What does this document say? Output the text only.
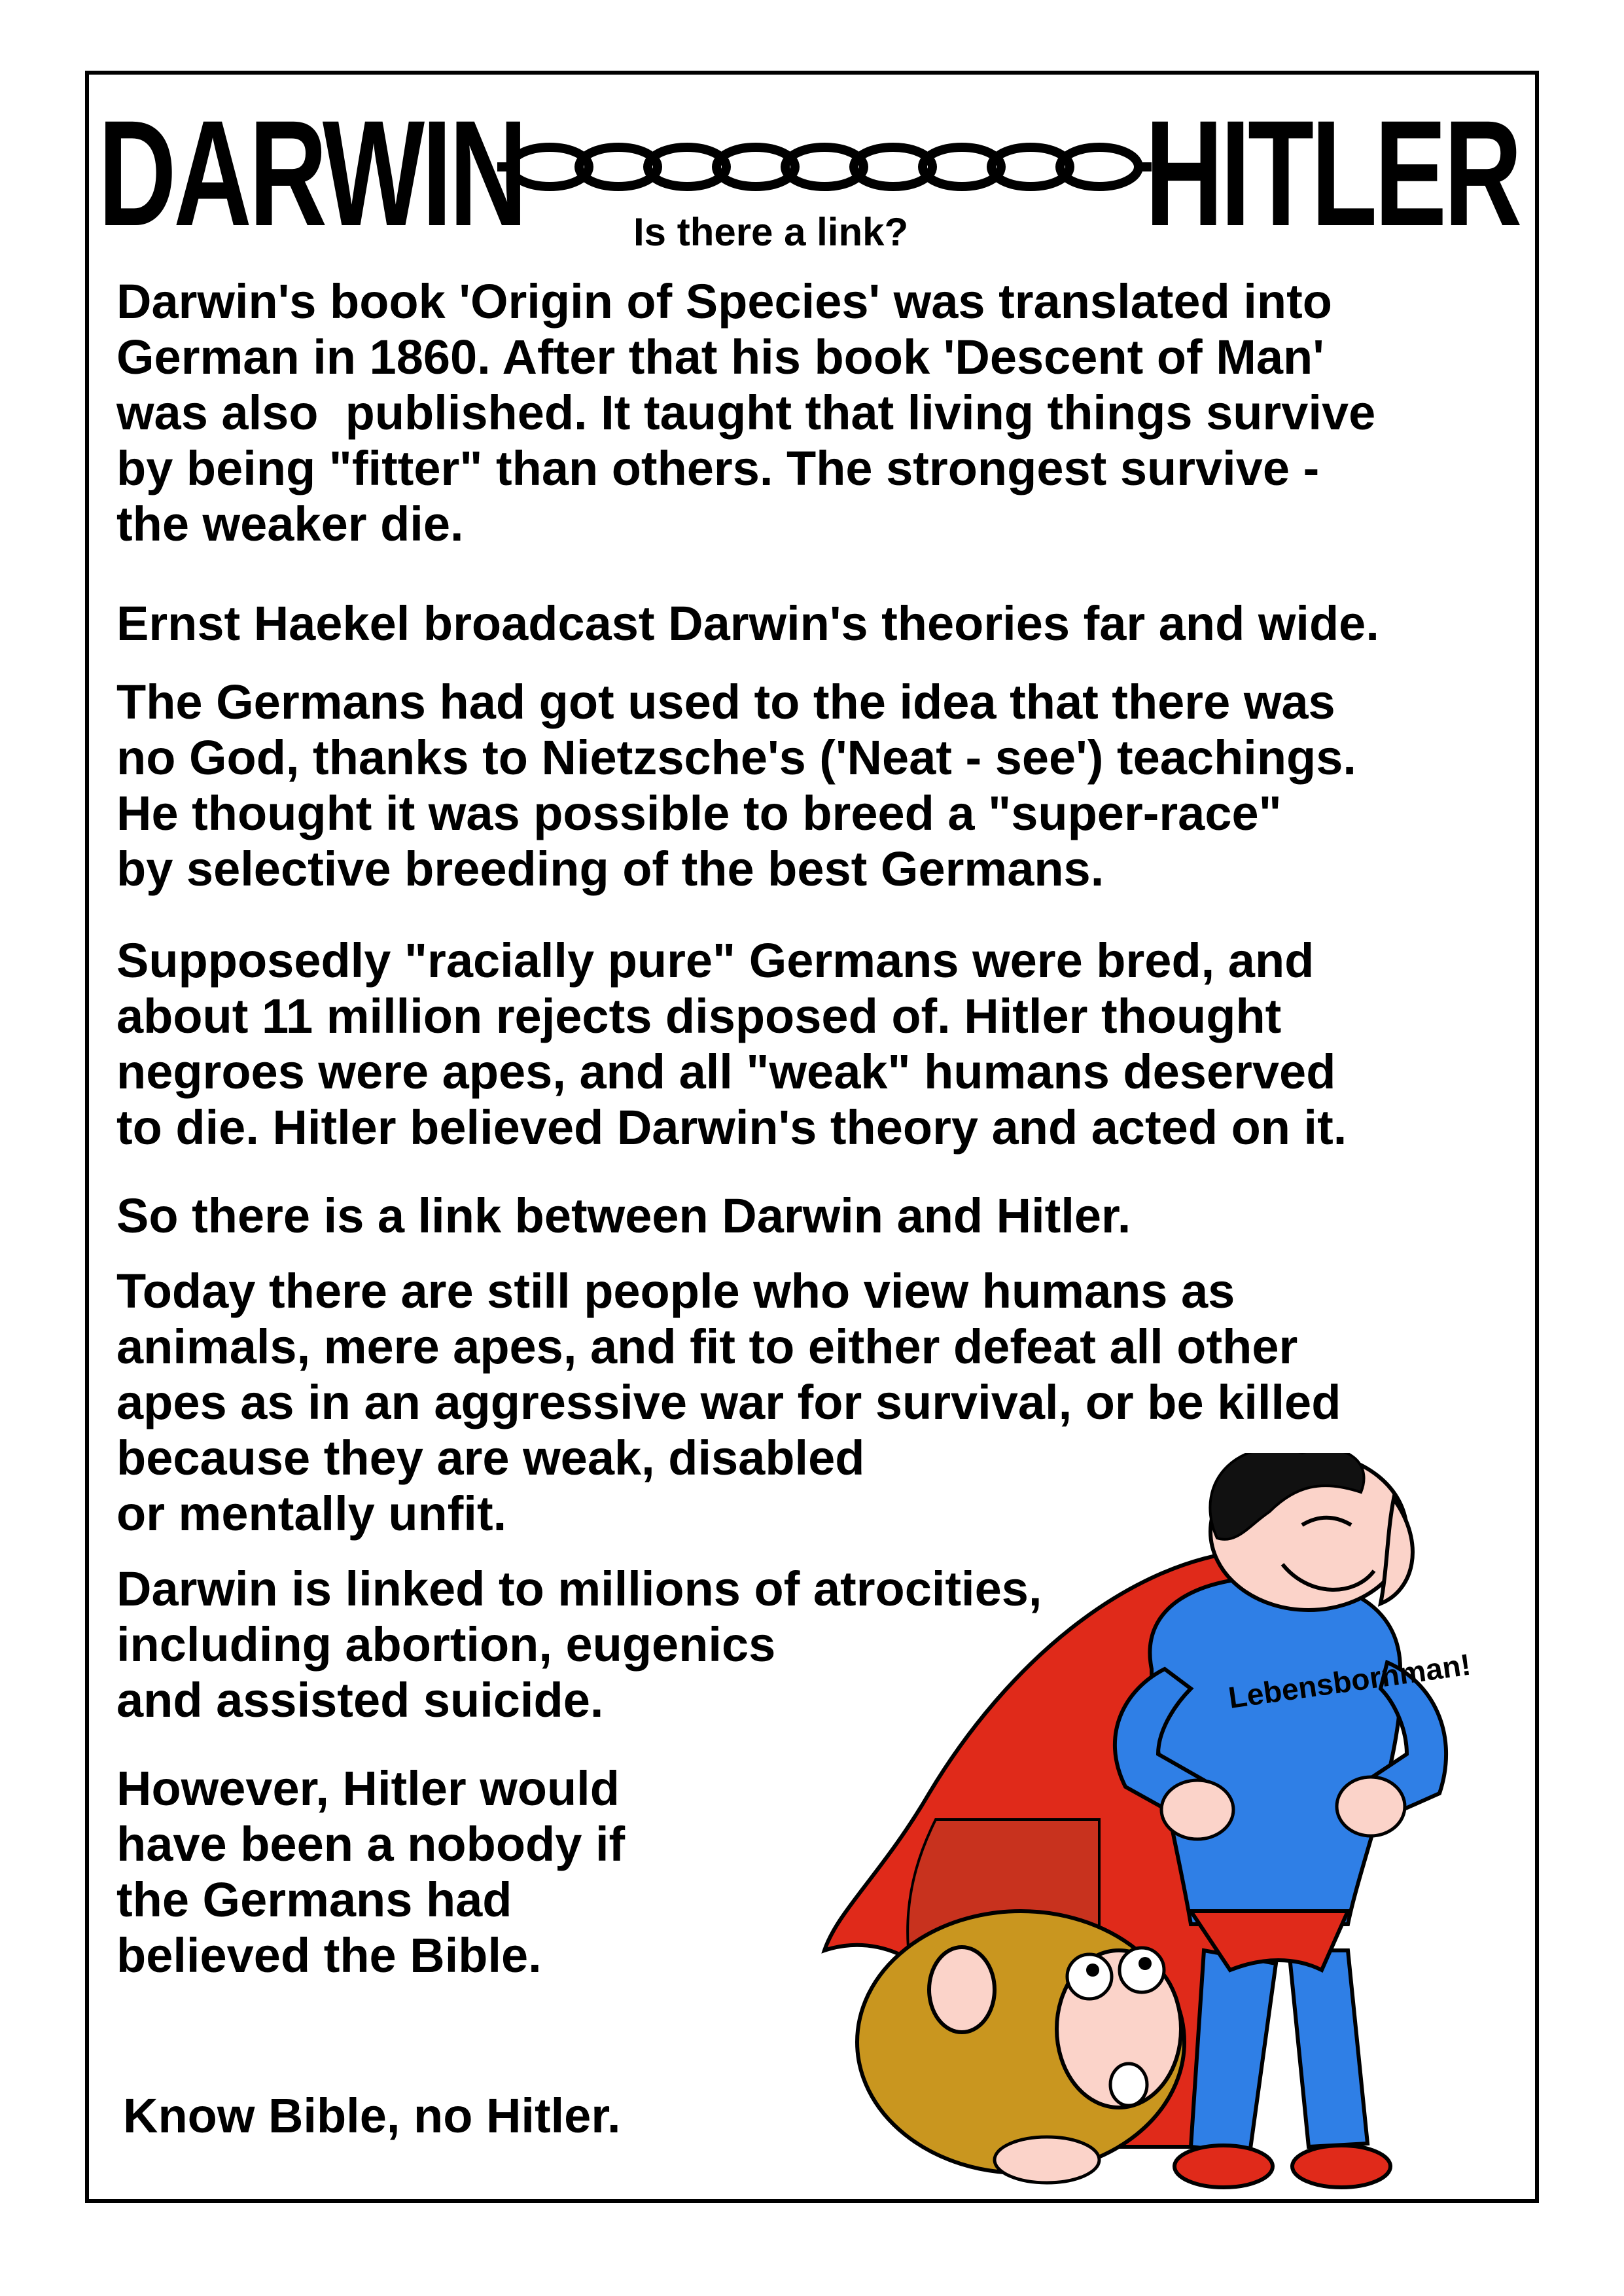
DARWIN	HITLER
Is there a link?
Darwin's book 'Origin of Species' was translated into
German in 1860. After that his book 'Descent of Man'
was also  published. It taught that living things survive
by being "fitter" than others. The strongest survive -
the weaker die.
Ernst Haekel broadcast Darwin's theories far and wide.
The Germans had got used to the idea that there was
no God, thanks to Nietzsche's ('Neat - see') teachings.
He thought it was possible to breed a "super-race"
by selective breeding of the best Germans.
Supposedly "racially pure" Germans were bred, and
about 11 million rejects disposed of. Hitler thought
negroes were apes, and all "weak" humans deserved
to die. Hitler believed Darwin's theory and acted on it.
So there is a link between Darwin and Hitler.
Today there are still people who view humans as
animals, mere apes, and fit to either defeat all other
apes as in an aggressive war for survival, or be killed
because they are weak, disabled
or mentally unfit.
Darwin is linked to millions of atrocities,
including abortion, eugenics
and assisted suicide.
However, Hitler would
have been a nobody if
the Germans had
believed the Bible.
Know Bible, no Hitler.
Lebensbornman!
